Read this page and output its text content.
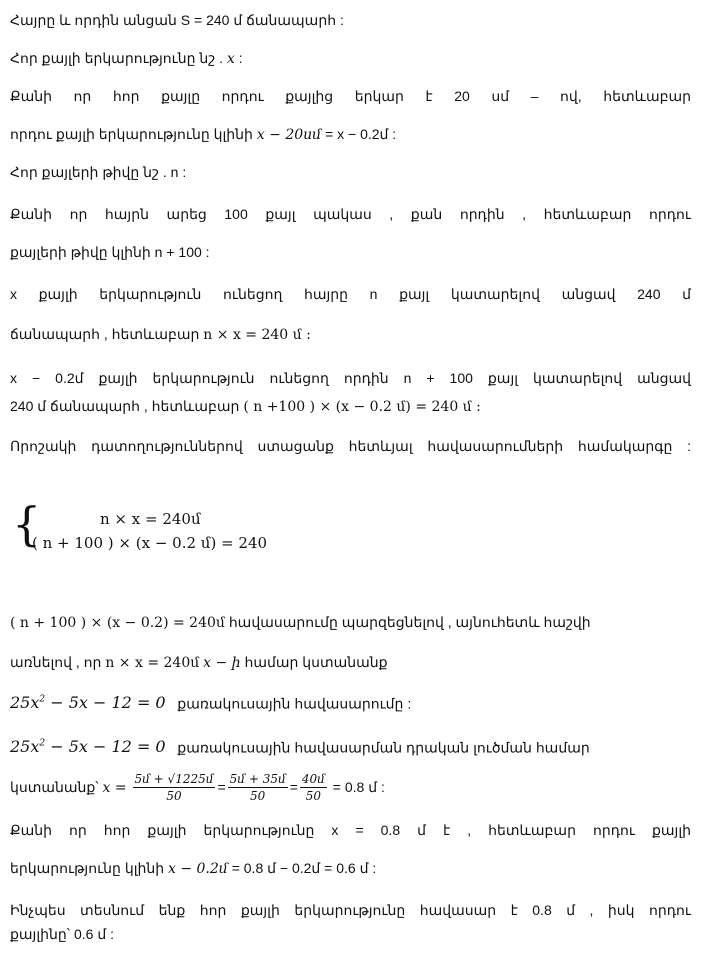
Հայրը և որդին անցան S = 240 մ ճանապարհ :
Հոր քայլի երկարությունը նշ . x :
Քանի որ հոր քայլը որդու քայլից երկար է 20 սմ – ով, հետևաբար
որդու քայլի երկարությունը կլինի x − 20սմ = x − 0.2մ :
Հոր քայլերի թիվը նշ . n :
Քանի որ հայրն արեց 100 քայլ պակաս , քան որդին , հետևաբար որդու
քայլերի թիվը կլինի n + 100 :
x քայլի երկարություն ունեցող հայրը n քայլ կատարելով անցավ 240 մ
ճանապարհ , հետևաբար n × x = 240 մ :
x − 0.2մ քայլի երկարություն ունեցող որդին n + 100 քայլ կատարելով անցավ
240 մ ճանապարհ , հետևաբար ( n +100 ) × (x − 0.2 մ) = 240 մ :
Որոշակի դատողություններով ստացանք հետևյալ հավասարումների համակարգը :
{	n × x = 240մ
( n + 100 ) × (x − 0.2 մ) = 240
( n + 100 ) × (x − 0.2) = 240մ հավասարումը պարզեցնելով , այնուհետև հաշվի
առնելով , որ n × x = 240մ x − ի համար կստանանք
$25x^2 - 5x - 12 = 0$ քառակուսային հավասարումը :
$25x^2 - 5x - 12 = 0$ քառակուսային հավասարման դրական լուծման համար
կստանանք՝ $x = \frac{\text{5մ + √1225մ}}{50} = \frac{\text{5մ + 35մ}}{50} = \frac{\text{40մ}}{50} = 0.8$ մ :
Քանի որ հոր քայլի երկարությունը x = 0.8 մ է , հետևաբար որդու քայլի
երկարությունը կլինի x − 0.2մ = 0.8 մ − 0.2մ = 0.6 մ :
Ինչպես տեսնում ենք հոր քայլի երկարությունը հավասար է 0.8 մ , իսկ որդու
քայլինը՝ 0.6 մ :
